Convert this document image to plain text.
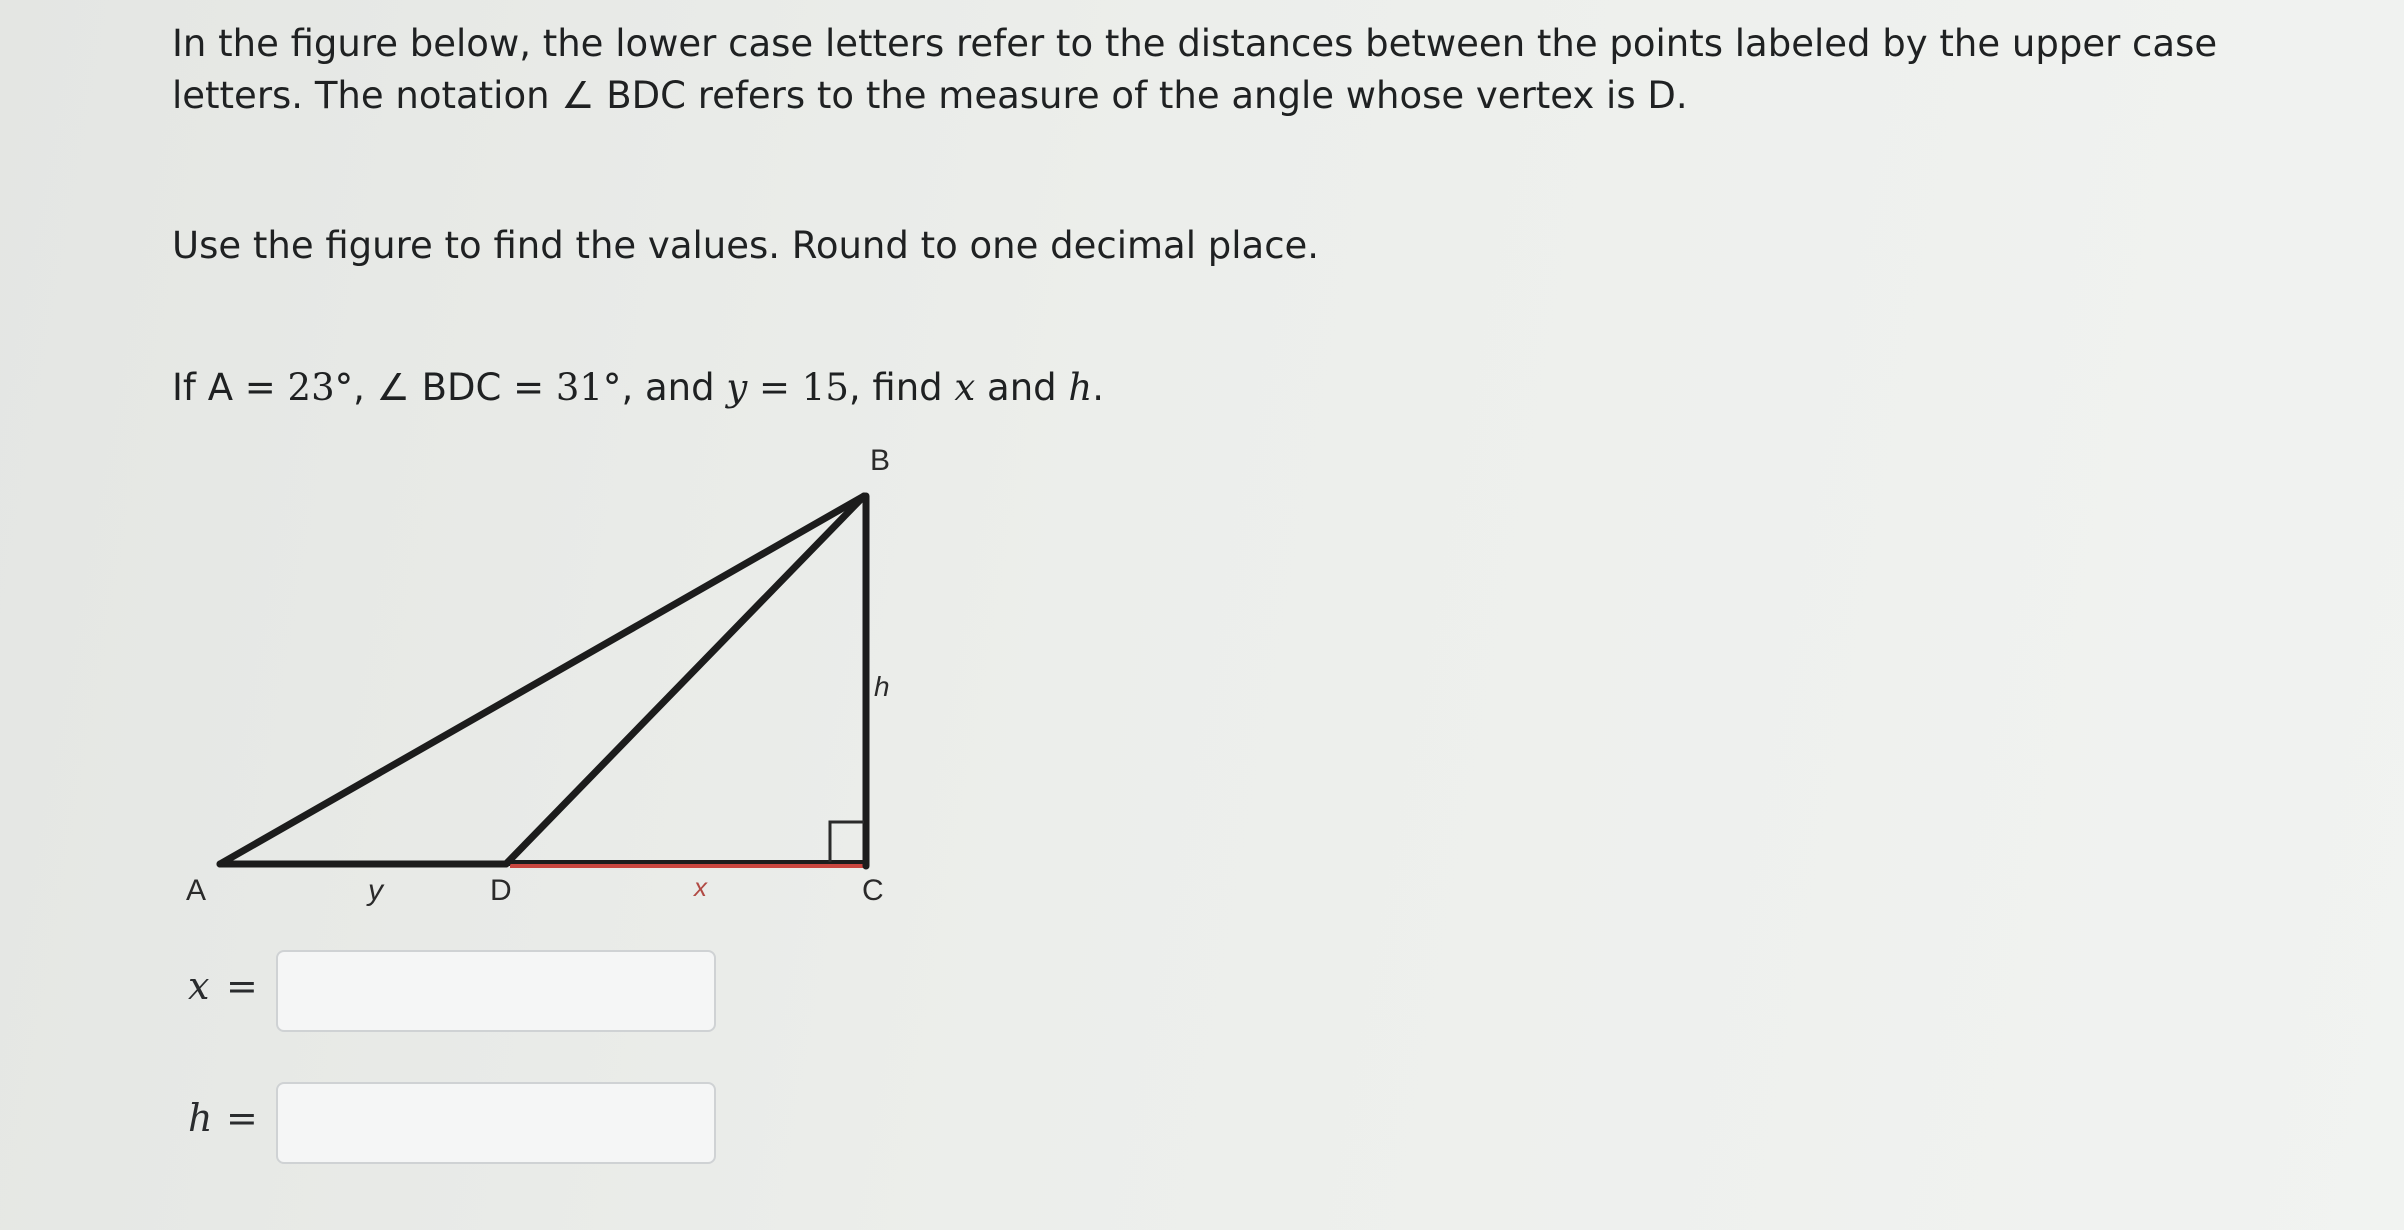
In the figure below, the lower case letters refer to the distances between the points labeled by the upper case letters. The notation ∠ BDC refers to the measure of the angle whose vertex is D.

Use the figure to find the values. Round to one decimal place.

If A = 23°, ∠ BDC = 31°, and y = 15, find x and h.

B
A	D	C
y	x
h
x =
h =
